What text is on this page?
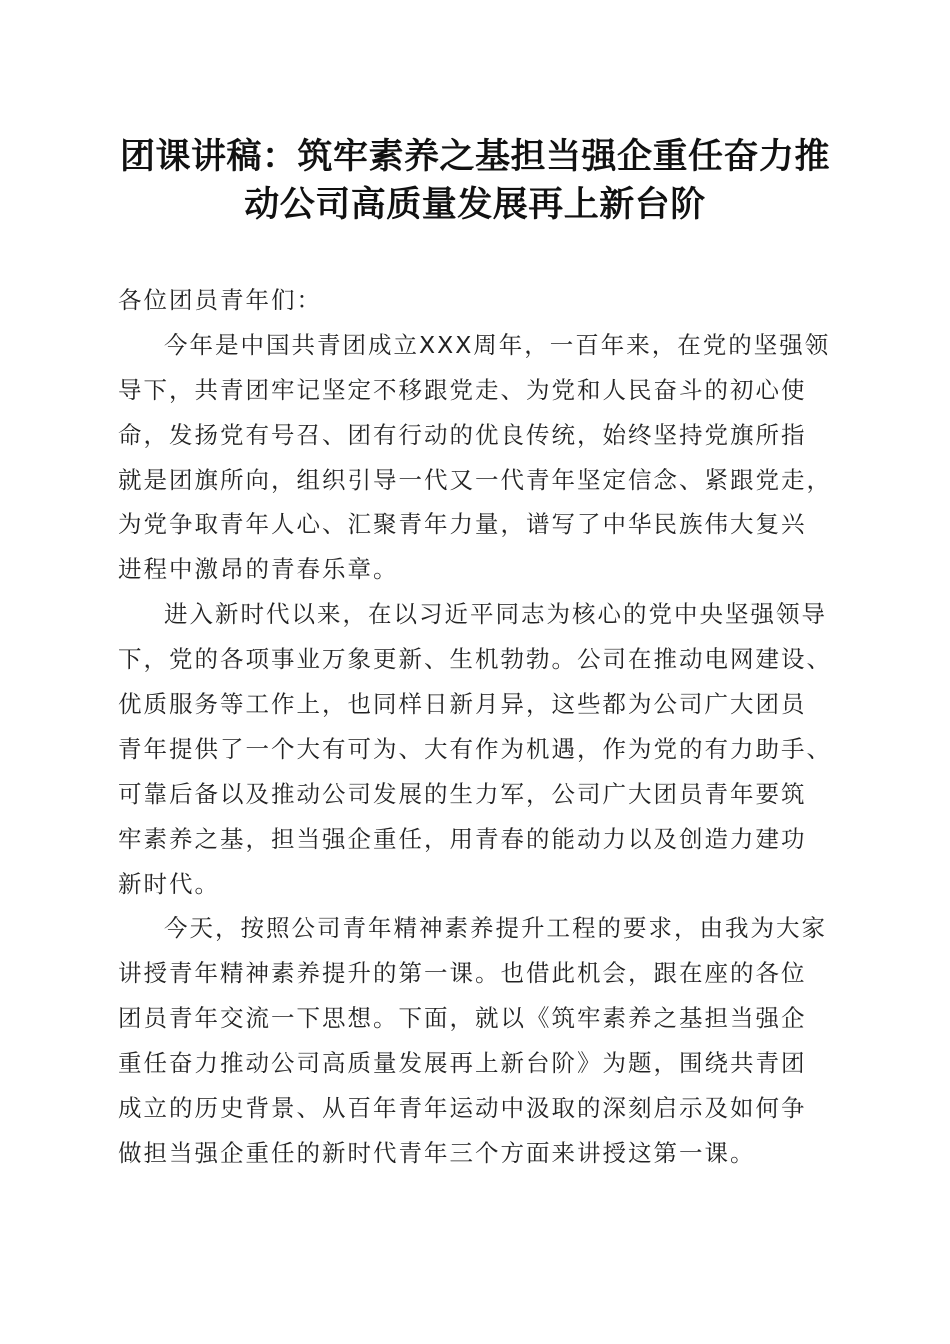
团课讲稿：筑牢素养之基担当强企重任奋力推
动公司高质量发展再上新台阶
各位团员青年们：
今年是中国共青团成立XXX周年，一百年来，在党的坚强领
导下，共青团牢记坚定不移跟党走、为党和人民奋斗的初心使
命，发扬党有号召、团有行动的优良传统，始终坚持党旗所指
就是团旗所向，组织引导一代又一代青年坚定信念、紧跟党走，
为党争取青年人心、汇聚青年力量，谱写了中华民族伟大复兴
进程中激昂的青春乐章。
进入新时代以来，在以习近平同志为核心的党中央坚强领导
下，党的各项事业万象更新、生机勃勃。公司在推动电网建设、
优质服务等工作上，也同样日新月异，这些都为公司广大团员
青年提供了一个大有可为、大有作为机遇，作为党的有力助手、
可靠后备以及推动公司发展的生力军，公司广大团员青年要筑
牢素养之基，担当强企重任，用青春的能动力以及创造力建功
新时代。
今天，按照公司青年精神素养提升工程的要求，由我为大家
讲授青年精神素养提升的第一课。也借此机会，跟在座的各位
团员青年交流一下思想。下面，就以《筑牢素养之基担当强企
重任奋力推动公司高质量发展再上新台阶》为题，围绕共青团
成立的历史背景、从百年青年运动中汲取的深刻启示及如何争
做担当强企重任的新时代青年三个方面来讲授这第一课。
